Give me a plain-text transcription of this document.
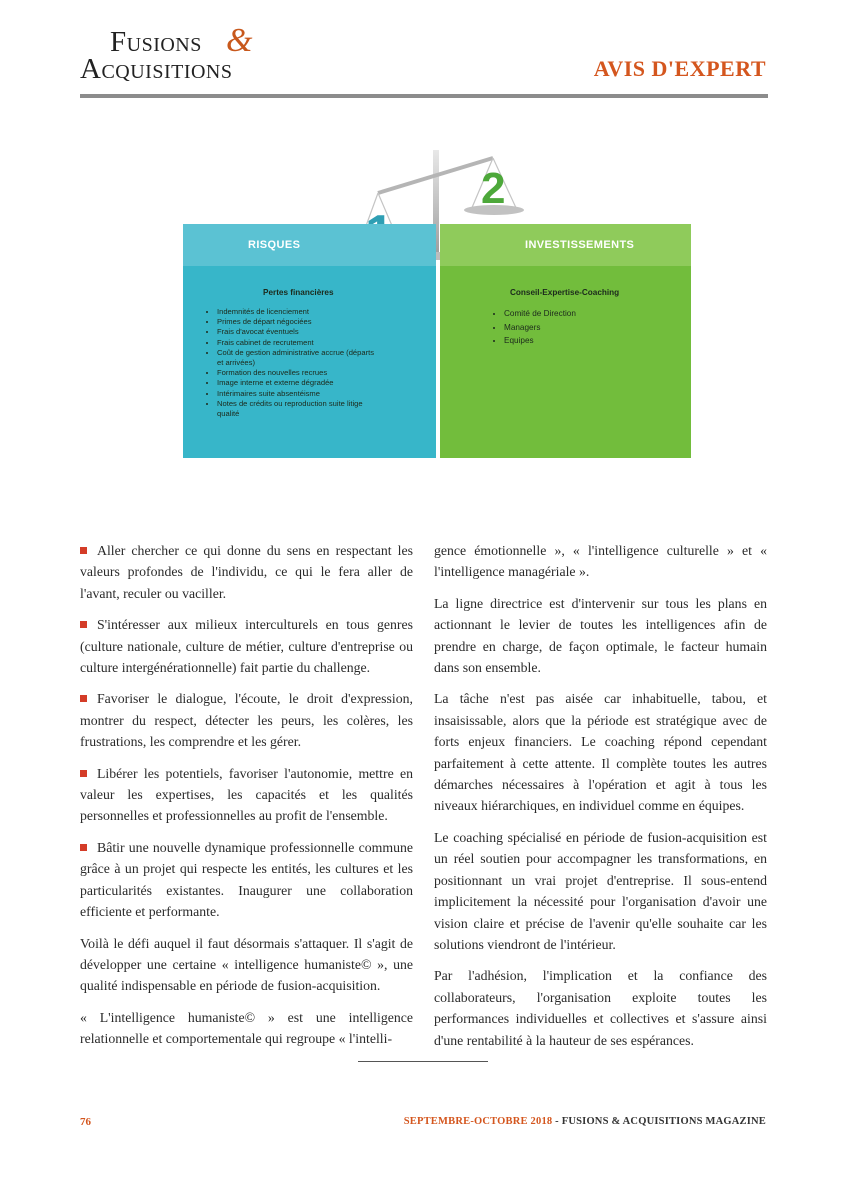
Fusions &
Acquisitions	AVIS D'EXPERT
2
RISQUES
Pertes financières
• Indemnités de licenciement
• Primes de départ négociées
• Frais d'avocat éventuels
• Frais cabinet de recrutement
• Coût de gestion administrative accrue (départs et arrivées)
• Formation des nouvelles recrues
• Image interne et externe dégradée
• Intérimaires suite absentéisme
• Notes de crédits ou reproduction suite litige qualité
INVESTISSEMENTS
Conseil-Expertise-Coaching
• Comité de Direction
• Managers
• Equipes

Aller chercher ce qui donne du sens en respectant les valeurs profondes de l'individu, ce qui le fera aller de l'avant, reculer ou vaciller.

S'intéresser aux milieux interculturels en tous genres (culture nationale, culture de métier, culture d'entreprise ou culture intergénérationnelle) fait partie du challenge.

Favoriser le dialogue, l'écoute, le droit d'expression, montrer du respect, détecter les peurs, les colères, les frustrations, les comprendre et les gérer.

Libérer les potentiels, favoriser l'autonomie, mettre en valeur les expertises, les capacités et les qualités personnelles et professionnelles au profit de l'ensemble.

Bâtir une nouvelle dynamique professionnelle commune grâce à un projet qui respecte les entités, les cultures et les particularités existantes. Inaugurer une collaboration efficiente et performante.

Voilà le défi auquel il faut désormais s'attaquer. Il s'agit de développer une certaine « intelligence humaniste© », une qualité indispensable en période de fusion-acquisition.

« L'intelligence humaniste© » est une intelligence relationnelle et comportementale qui regroupe « l'intelli-

gence émotionnelle », « l'intelligence culturelle » et « l'intelligence managériale ».

La ligne directrice est d'intervenir sur tous les plans en actionnant le levier de toutes les intelligences afin de prendre en charge, de façon optimale, le facteur humain dans son ensemble.

La tâche n'est pas aisée car inhabituelle, tabou, et insaisissable, alors que la période est stratégique avec de forts enjeux financiers. Le coaching répond cependant parfaitement à cette attente. Il complète toutes les autres démarches nécessaires à l'opération et agit à tous les niveaux hiérarchiques, en individuel comme en équipes.

Le coaching spécialisé en période de fusion-acquisition est un réel soutien pour accompagner les transformations, en positionnant un vrai projet d'entreprise. Il sous-entend implicitement la nécessité pour l'organisation d'avoir une vision claire et précise de l'avenir qu'elle souhaite car les solutions viendront de l'intérieur.

Par l'adhésion, l'implication et la confiance des collaborateurs, l'organisation exploite toutes les performances individuelles et collectives et s'assure ainsi d'une rentabilité à la hauteur de ses espérances.

76	SEPTEMBRE-OCTOBRE 2018 - FUSIONS & ACQUISITIONS MAGAZINE
